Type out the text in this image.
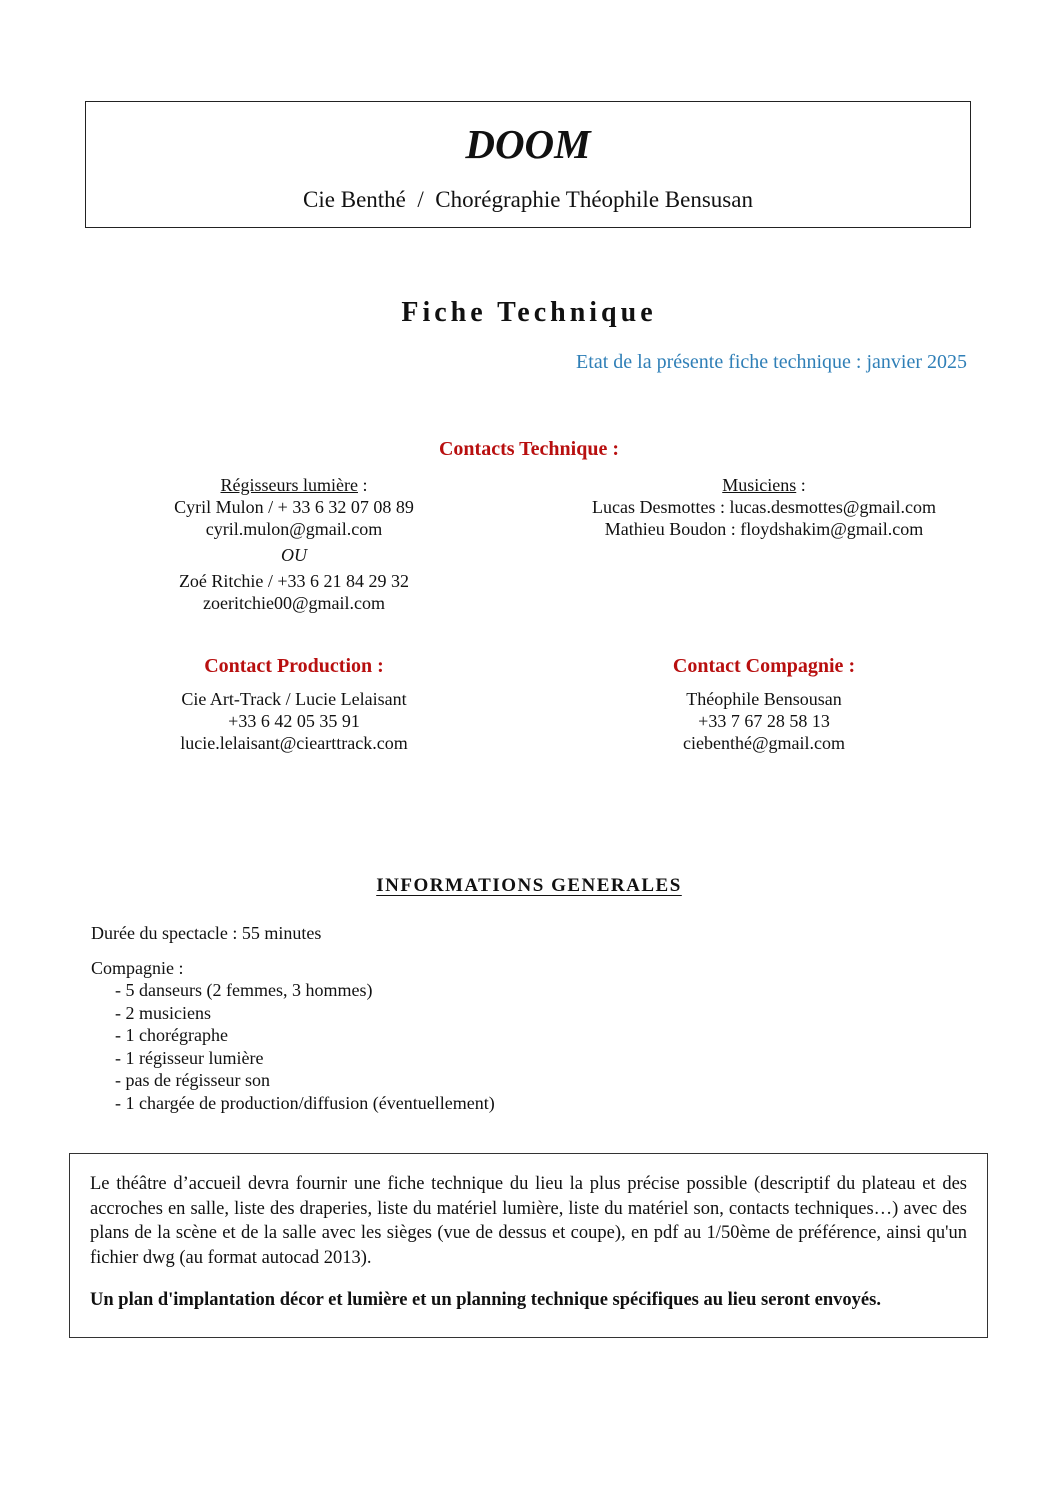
DOOM
Cie Benthé  /  Chorégraphie Théophile Bensusan
Fiche Technique
Etat de la présente fiche technique : janvier 2025
Contacts Technique :
Régisseurs lumière :
Cyril Mulon / + 33 6 32 07 08 89
cyril.mulon@gmail.com
OU
Zoé Ritchie / +33 6 21 84 29 32
zoeritchie00@gmail.com
Musiciens :
Lucas Desmottes : lucas.desmottes@gmail.com
Mathieu Boudon : floydshakim@gmail.com
Contact Production :
Cie Art-Track / Lucie Lelaisant
+33 6 42 05 35 91
lucie.lelaisant@ciearttrack.com
Contact Compagnie :
Théophile Bensousan
+33 7 67 28 58 13
ciebenthé@gmail.com
INFORMATIONS GENERALES
Durée du spectacle : 55 minutes
Compagnie :
- 5 danseurs (2 femmes, 3 hommes)
- 2 musiciens
- 1 chorégraphe
- 1 régisseur lumière
- pas de régisseur son
- 1 chargée de production/diffusion (éventuellement)
Le théâtre d’accueil devra fournir une fiche technique du lieu la plus précise possible (descriptif du plateau et des accroches en salle, liste des draperies, liste du matériel lumière, liste du matériel son, contacts techniques…) avec des plans de la scène et de la salle avec les sièges (vue de dessus et coupe), en pdf au 1/50ème de préférence, ainsi qu'un fichier dwg (au format autocad 2013).
Un plan d'implantation décor et lumière et un planning technique spécifiques au lieu seront envoyés.
